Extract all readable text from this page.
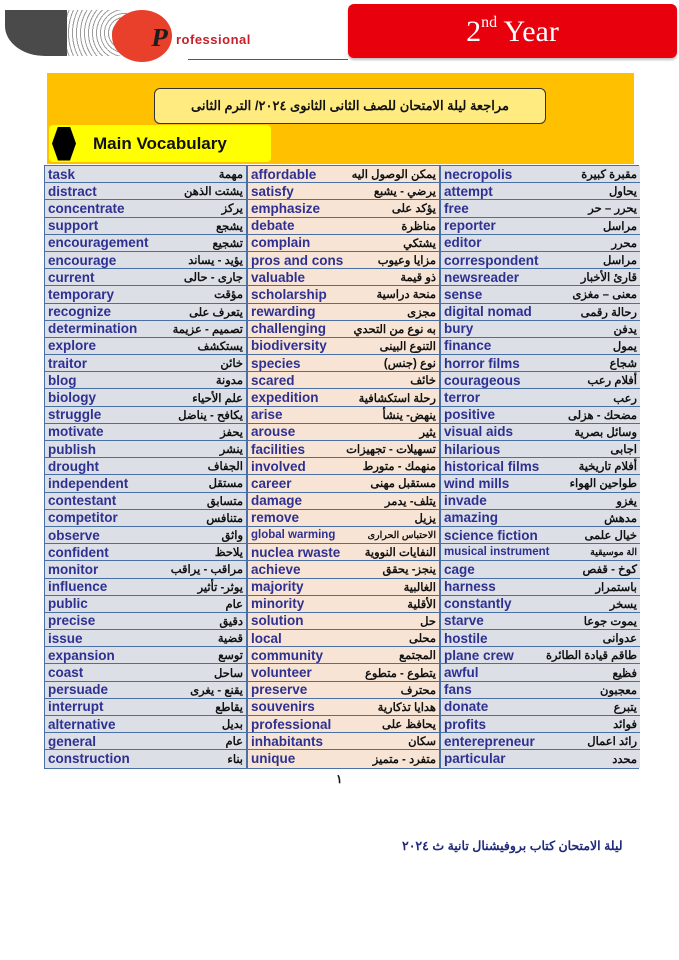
P rofessional	2nd Year
مراجعة ليلة الامتحان للصف الثانى الثانوى ٢٠٢٤/ الترم الثانى
Main Vocabulary
task	مهمة
distract	يشتت الذهن
concentrate	يركز
support	يشجع
encouragement	تشجيع
encourage	يؤيد - يساند
current	جارى - حالى
temporary	مؤقت
recognize	يتعرف على
determination	تصميم - عزيمة
explore	يستكشف
traitor	خائن
blog	مدونة
biology	علم الأحياء
struggle	يكافح - يناضل
motivate	يحفز
publish	ينشر
drought	الجفاف
independent	مستقل
contestant	متسابق
competitor	متنافس
observe	واثق
confident	يلاحظ
monitor	مراقب - يراقب
influence	يوثر- تأثير
public	عام
precise	دقيق
issue	قضية
expansion	توسع
coast	ساحل
persuade	يقنع - يغرى
interrupt	يقاطع
alternative	بديل
general	عام
construction	بناء
affordable	يمكن الوصول اليه
satisfy	يرضي - يشبع
emphasize	يؤكد على
debate	مناظرة
complain	يشتكي
pros and cons	مزايا وعيوب
valuable	ذو قيمة
scholarship	منحة دراسية
rewarding	مجزى
challenging به نوع من التحدي
biodiversity	التنوع البينى
species	نوع (جنس)
scared	خائف
expedition	رحلة استكشافية
arise	ينهض- ينشأ
arouse	يثير
facilities	تسهيلات - تجهيزات
involved	منهمك - متورط
career	مستقبل مهنى
damage	يتلف- يدمر
remove	يزيل
global warming	الاحتباس الحرارى
nuclea rwaste النفايات النووية
achieve	ينجز- يحقق
majority	الغالبية
minority	الأقلية
solution	حل
local	محلى
community	المجتمع
volunteer	يتطوع - متطوع
preserve	محترف
souvenirs	هدايا تذكارية
professional	يحافظ على
inhabitants	سكان
unique	متفرد - متميز
necropolis	مقبرة كبيرة
attempt	يحاول
free	يحرر – حر
reporter	مراسل
editor	محرر
correspondent	مراسل
newsreader	قارئ الأخبار
sense	معنى – مغزى
digital nomad	رحالة رقمى
bury	يدفن
finance	يمول
horror films	شجاع
courageous	أفلام رعب
terror	رعب
positive	مضحك - هزلى
visual aids	وسائل بصرية
hilarious	اجابى
historical films	أفلام تاريخية
wind mills	طواحين الهواء
invade	يغزو
amazing	مدهش
science fiction	خيال علمى
musical instrument	الة موسيقية
cage	كوخ - قفص
harness	باستمرار
constantly	يسخر
starve	يموت جوعا
hostile	عدوانى
plane crew	طاقم قيادة الطائرة
awful	فظيع
fans	معجبون
donate	يتبرع
profits	فوائد
enterepreneur	رائد اعمال
particular	محدد
١
ليلة الامتحان كتاب بروفيشنال تانية ث ٢٠٢٤
